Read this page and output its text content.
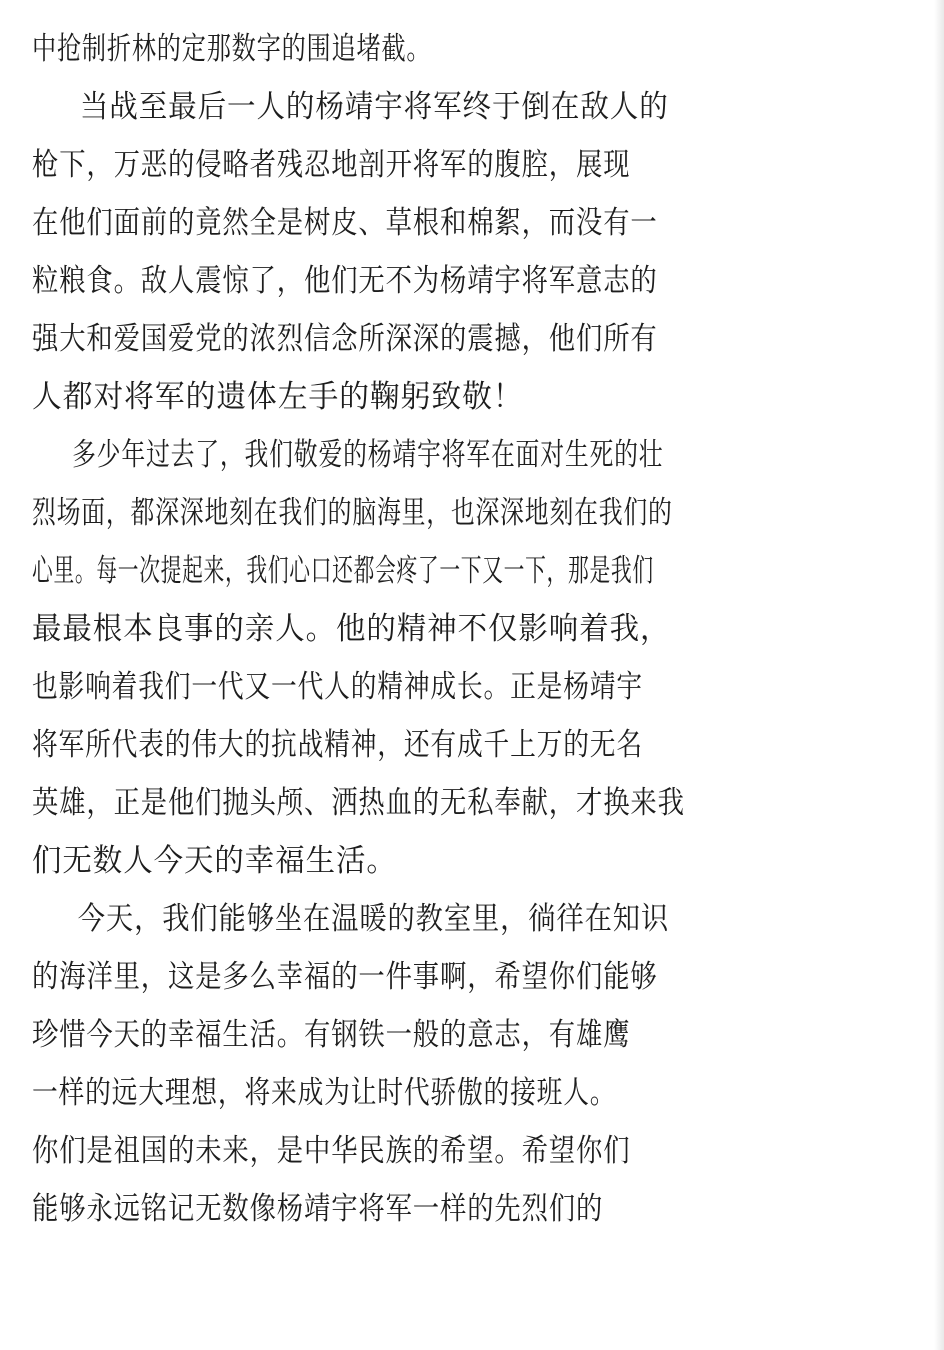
中抢制折林的定那数字的围追堵截。
当战至最后一人的杨靖宇将军终于倒在敌人的
枪下，万恶的侵略者残忍地剖开将军的腹腔，展现
在他们面前的竟然全是树皮、草根和棉絮，而没有一
粒粮食。敌人震惊了，他们无不为杨靖宇将军意志的
强大和爱国爱党的浓烈信念所深深的震撼，他们所有
人都对将军的遗体左手的鞠躬致敬！
多少年过去了，我们敬爱的杨靖宇将军在面对生死的壮
烈场面，都深深地刻在我们的脑海里，也深深地刻在我们的
心里。每一次提起来，我们心口还都会疼了一下又一下，那是我们
最最根本良事的亲人。他的精神不仅影响着我，
也影响着我们一代又一代人的精神成长。正是杨靖宇
将军所代表的伟大的抗战精神，还有成千上万的无名
英雄，正是他们抛头颅、洒热血的无私奉献，才换来我
们无数人今天的幸福生活。
今天，我们能够坐在温暖的教室里，徜徉在知识
的海洋里，这是多么幸福的一件事啊，希望你们能够
珍惜今天的幸福生活。有钢铁一般的意志，有雄鹰
一样的远大理想，将来成为让时代骄傲的接班人。
你们是祖国的未来，是中华民族的希望。希望你们
能够永远铭记无数像杨靖宇将军一样的先烈们的
